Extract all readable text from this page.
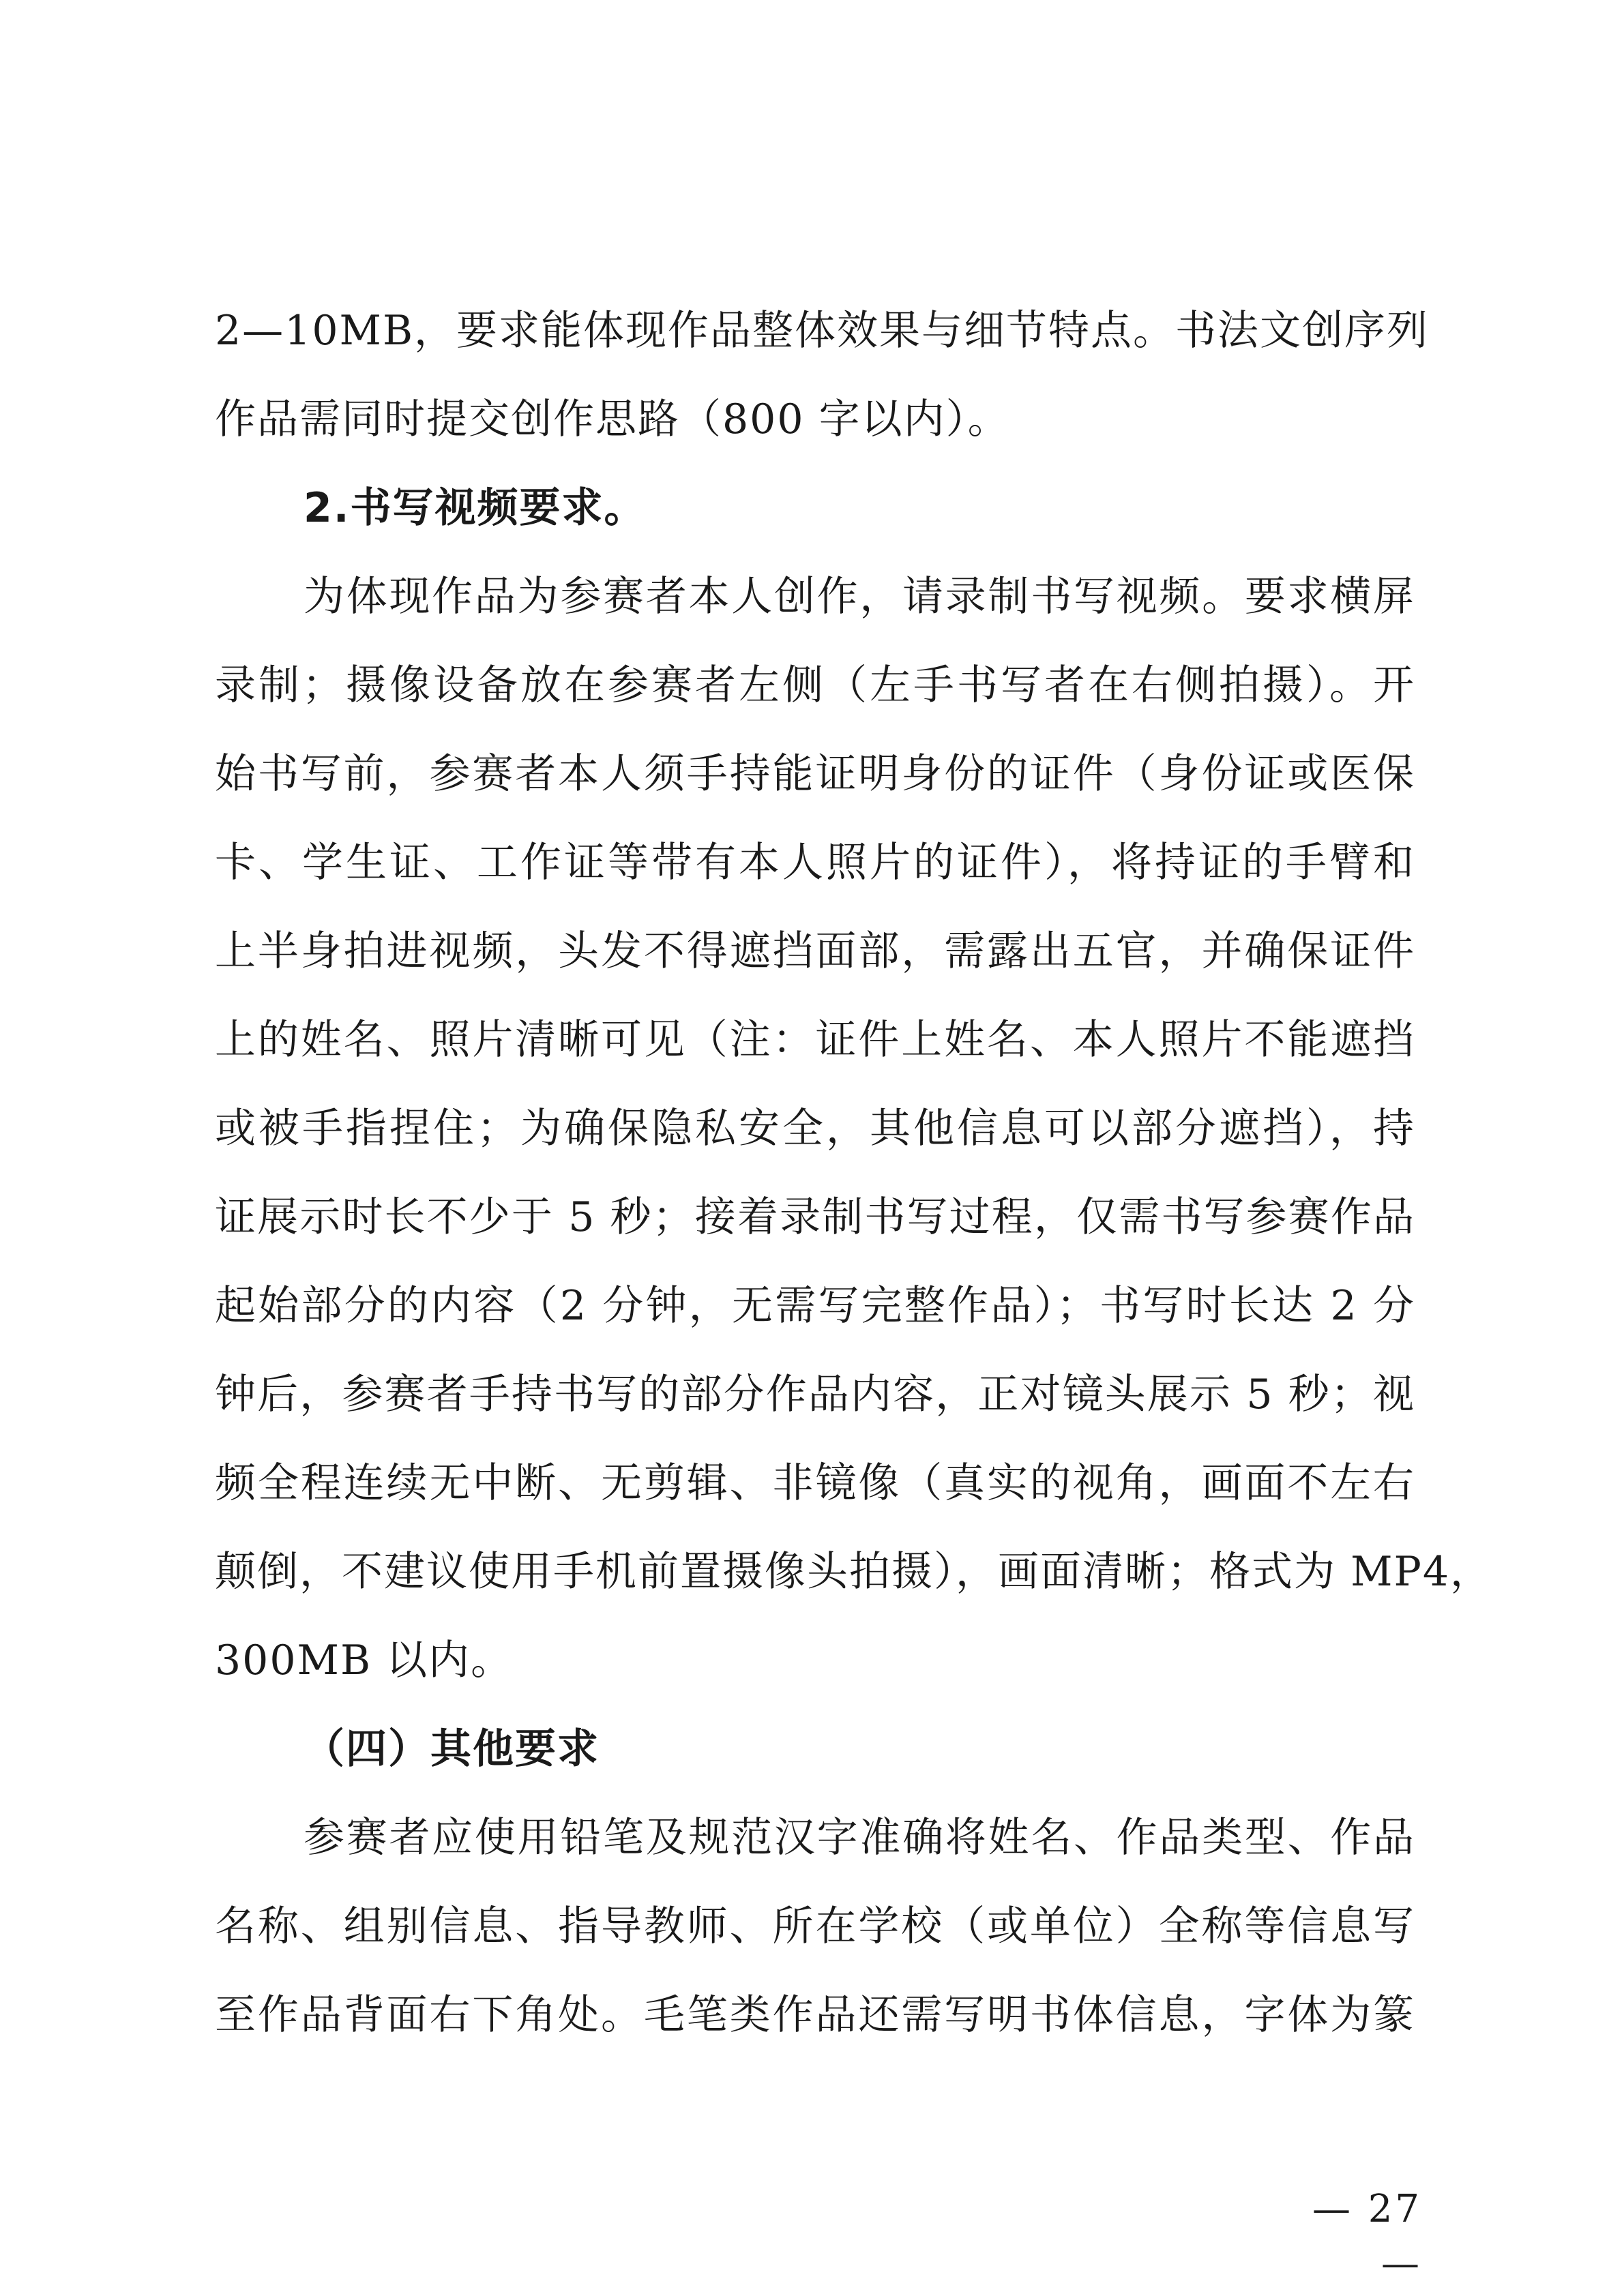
2—10MB，要求能体现作品整体效果与细节特点。书法文创序列
作品需同时提交创作思路（800 字以内）。
2.书写视频要求。
为体现作品为参赛者本人创作，请录制书写视频。要求横屏
录制；摄像设备放在参赛者左侧（左手书写者在右侧拍摄）。开
始书写前，参赛者本人须手持能证明身份的证件（身份证或医保
卡、学生证、工作证等带有本人照片的证件），将持证的手臂和
上半身拍进视频，头发不得遮挡面部，需露出五官，并确保证件
上的姓名、照片清晰可见（注：证件上姓名、本人照片不能遮挡
或被手指捏住；为确保隐私安全，其他信息可以部分遮挡），持
证展示时长不少于 5 秒；接着录制书写过程，仅需书写参赛作品
起始部分的内容（2 分钟，无需写完整作品）；书写时长达 2 分
钟后，参赛者手持书写的部分作品内容，正对镜头展示 5 秒；视
频全程连续无中断、无剪辑、非镜像（真实的视角，画面不左右
颠倒，不建议使用手机前置摄像头拍摄），画面清晰；格式为 MP4，
300MB 以内。
（四）其他要求
参赛者应使用铅笔及规范汉字准确将姓名、作品类型、作品
名称、组别信息、指导教师、所在学校（或单位）全称等信息写
至作品背面右下角处。毛笔类作品还需写明书体信息，字体为篆
— 27 —
